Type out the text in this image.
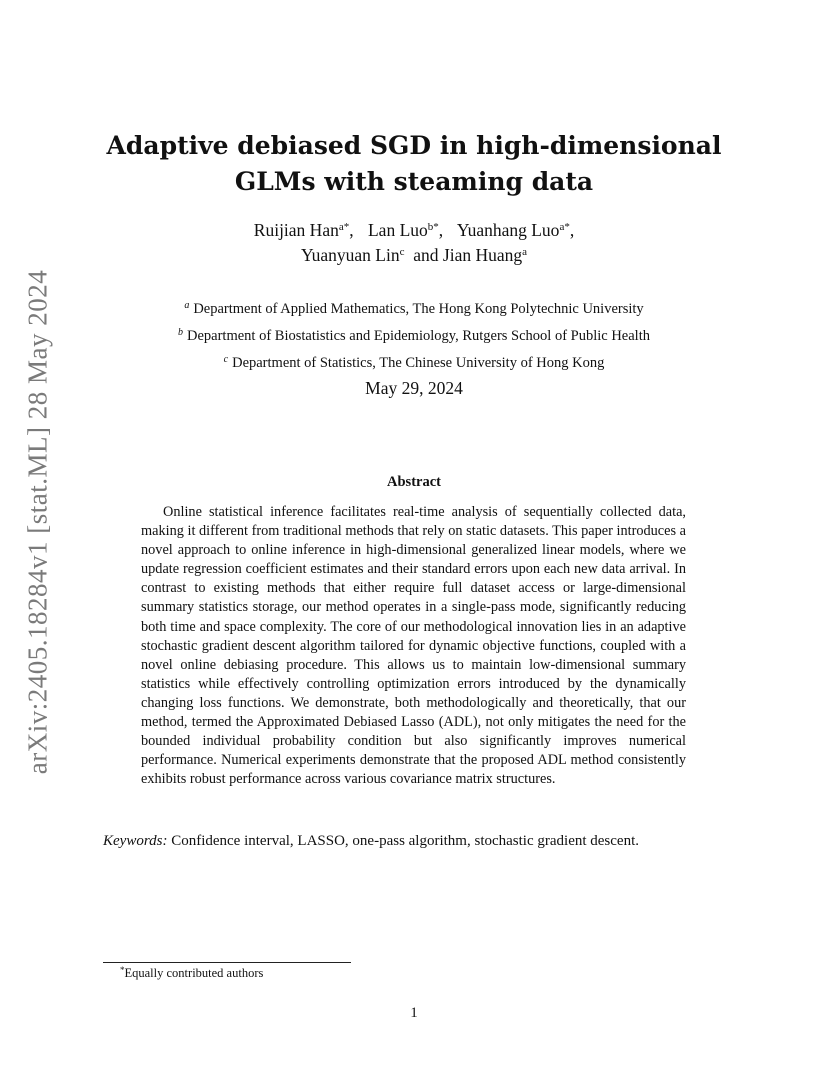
arXiv:2405.18284v1 [stat.ML] 28 May 2024
Adaptive debiased SGD in high-dimensional
GLMs with steaming data
Ruijian Han$^{a*}$, Lan Luo$^{b*}$, Yuanhang Luo$^{a*}$,
Yuanyuan Lin$^c$ and Jian Huang$^a$
$^a$ Department of Applied Mathematics, The Hong Kong Polytechnic University
$^b$ Department of Biostatistics and Epidemiology, Rutgers School of Public Health
$^c$ Department of Statistics, The Chinese University of Hong Kong
May 29, 2024
Abstract
Online statistical inference facilitates real-time analysis of sequentially collected data, making it different from traditional methods that rely on static datasets. This paper introduces a novel approach to online inference in high-dimensional generalized linear models, where we update regression coefficient estimates and their standard errors upon each new data arrival. In contrast to existing methods that either require full dataset access or large-dimensional summary statistics storage, our method operates in a single-pass mode, significantly reducing both time and space complexity. The core of our methodological innovation lies in an adaptive stochastic gradient descent algorithm tailored for dynamic objective functions, coupled with a novel online debiasing procedure. This allows us to maintain low-dimensional summary statistics while effectively controlling optimization errors introduced by the dynamically changing loss functions. We demonstrate, both methodologically and theoretically, that our method, termed the Approximated Debiased Lasso (ADL), not only mitigates the need for the bounded individual probability condition but also significantly improves numerical performance. Numerical experiments demonstrate that the proposed ADL method consistently exhibits robust performance across various covariance matrix structures.
Keywords: Confidence interval, LASSO, one-pass algorithm, stochastic gradient descent.
*Equally contributed authors
1
